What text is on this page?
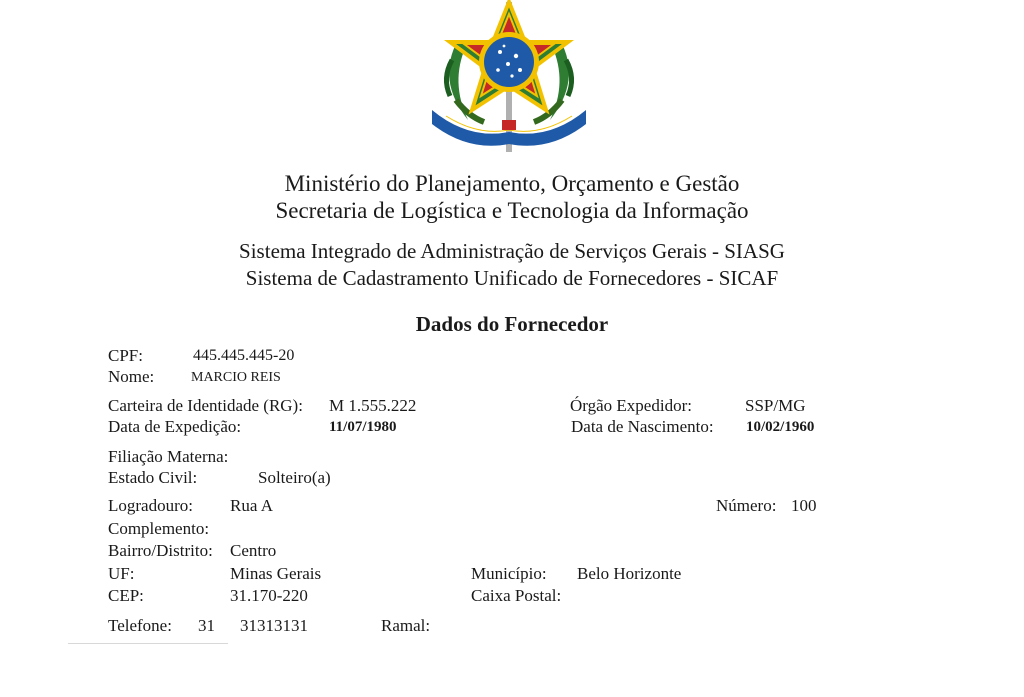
Ministério do Planejamento, Orçamento e Gestão
Secretaria de Logística e Tecnologia da Informação
Sistema Integrado de Administração de Serviços Gerais - SIASG
Sistema de Cadastramento Unificado de Fornecedores - SICAF
Dados do Fornecedor
CPF:	445.445.445-20
Nome:	MARCIO REIS
Carteira de Identidade (RG): M 1.555.222	Órgão Expedidor:	SSP/MG
Data de Expedição:	11/07/1980	Data de Nascimento: 10/02/1960
Filiação Materna:
Estado Civil:	Solteiro(a)
Logradouro: Rua A	Número: 100
Complemento:
Bairro/Distrito: Centro
UF:	Minas Gerais	Município: Belo Horizonte
CEP:	31.170-220	Caixa Postal:
Telefone: 31 31313131	Ramal:
